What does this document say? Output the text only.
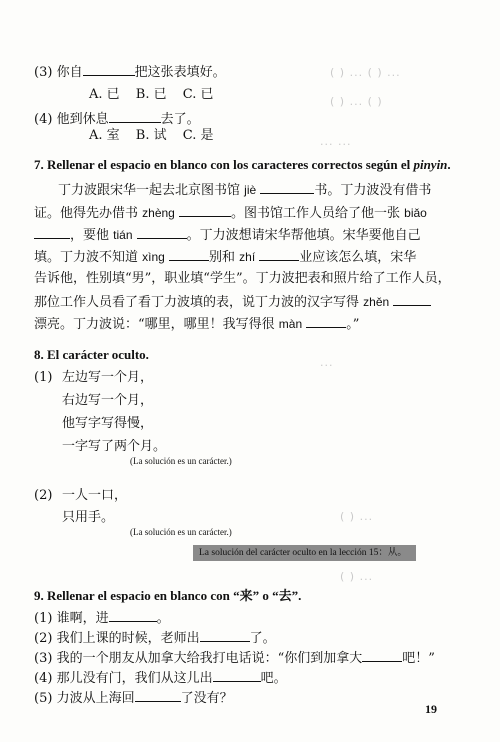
( ) ... ( ) ...
( ) ... ( )
... ...
...
( ) ...
( ) ...
(3) 你自	把这张表填好。
A. 已 B. 已 C. 已
(4) 他到休息	去了。
A. 室 B. 试 C. 是
7. Rellenar el espacio en blanco con los caracteres correctos según el pinyin.
丁力波跟宋华一起去北京图书馆 jiè	书。丁力波没有借书
证。他得先办借书 zhèng	。图书馆工作人员给了他一张 biǎo
，要他 tián	。丁力波想请宋华帮他填。宋华要他自己
填。丁力波不知道 xìng	别和 zhí	业应该怎么填，宋华
告诉他，性别填“男”，职业填“学生”。丁力波把表和照片给了工作人员，
那位工作人员看了看丁力波填的表，说丁力波的汉字写得 zhěn
漂亮。丁力波说：“哪里，哪里！我写得很 màn	。”
8. El carácter oculto.
(1) 左边写一个月，
右边写一个月，
他写字写得慢，
一字写了两个月。
(La solución es un carácter.)
(2) 一人一口，
只用手。
(La solución es un carácter.)
La solución del carácter oculto en la lección 15：从。
9. Rellenar el espacio en blanco con “来” o “去”.
(1) 谁啊，进	。
(2) 我们上课的时候，老师出	了。
(3) 我的一个朋友从加拿大给我打电话说：“你们到加拿大	吧！”
(4) 那儿没有门，我们从这儿出	吧。
(5) 力波从上海回	了没有？
19
